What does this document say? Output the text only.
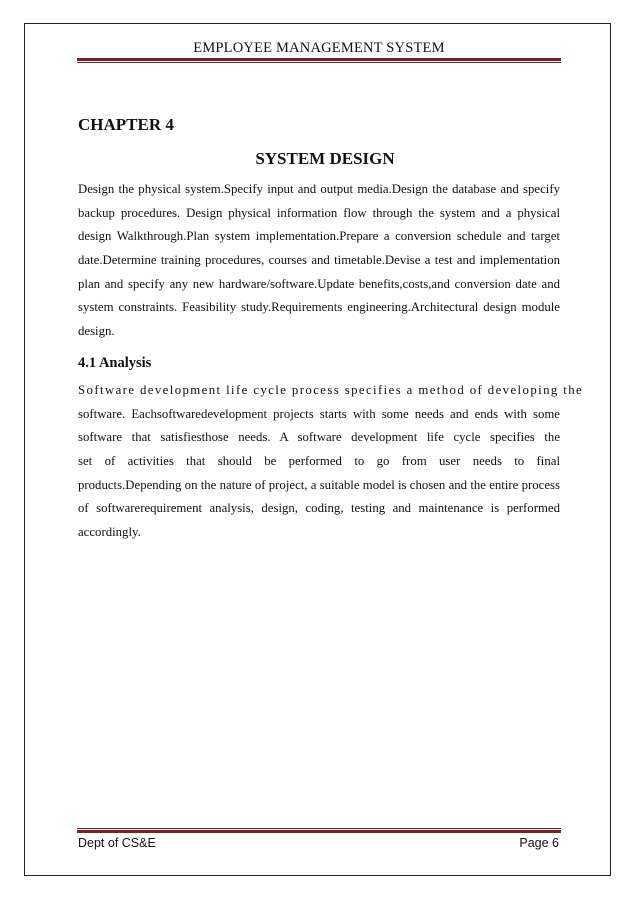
EMPLOYEE MANAGEMENT SYSTEM
CHAPTER 4
SYSTEM DESIGN
Design the physical system.Specify input and output media.Design the database and specify
backup procedures. Design physical information flow through the system and a physical
design Walkthrough.Plan system implementation.Prepare a conversion schedule and target
date.Determine training procedures, courses and timetable.Devise a test and implementation
plan and specify any new hardware/software.Update benefits,costs,and conversion date and
system constraints. Feasibility study.Requirements engineering.Architectural design module
design.
4.1 Analysis
Software development life cycle process specifies a method of developing the
software. Eachsoftwaredevelopment projects starts with some needs and ends with some
software that satisfiesthose needs. A software development life cycle specifies the
set of activities that should be performed to go from user needs to final
products.Depending on the nature of project, a suitable model is chosen and the entire process
of softwarerequirement analysis, design, coding, testing and maintenance is performed
accordingly.
Dept of CS&E	Page 6
